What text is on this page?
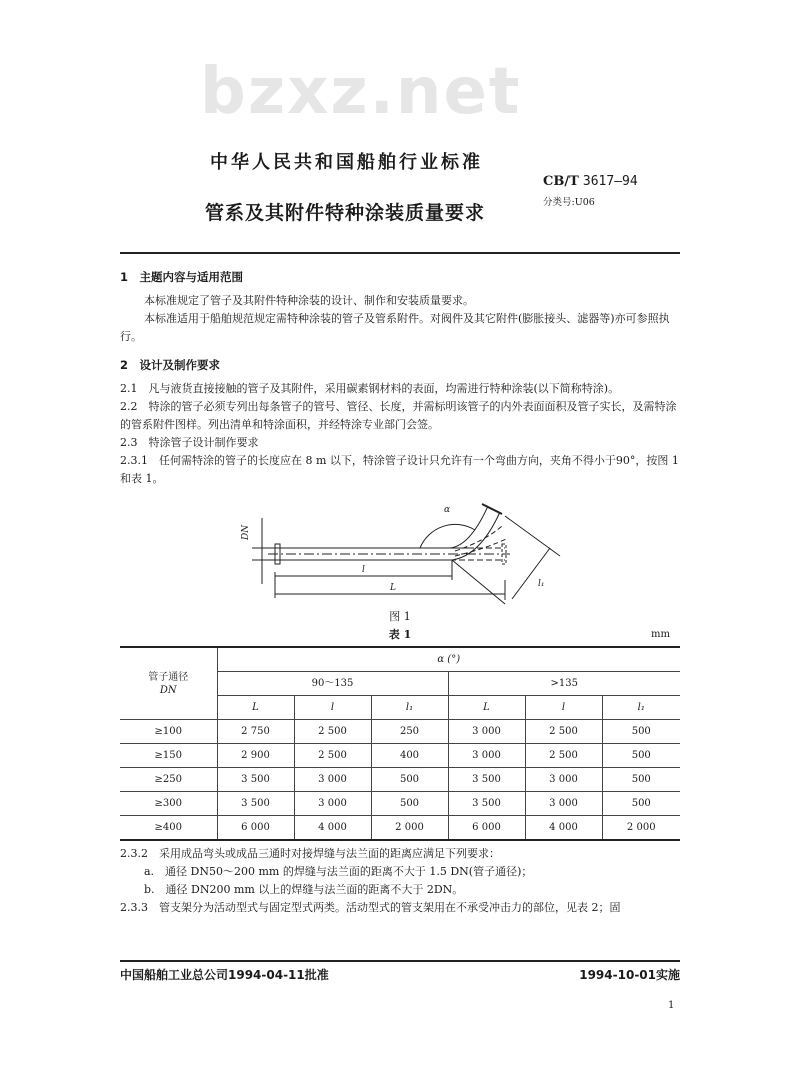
bzxz.net
中华人民共和国船舶行业标准
CB/T 3617—94
分类号:U06
管系及其附件特种涂装质量要求
1　主题内容与适用范围

本标准规定了管子及其附件特种涂装的设计、制作和安装质量要求。

本标准适用于船舶规范规定需特种涂装的管子及管系附件。对阀件及其它附件(膨胀接头、滤器等)亦可参照执行。

2　设计及制作要求

2.1　凡与液货直接接触的管子及其附件，采用碳素钢材料的表面，均需进行特种涂装(以下简称特涂)。

2.2　特涂的管子必须专列出每条管子的管号、管径、长度，并需标明该管子的内外表面面积及管子实长，及需特涂的管系附件图样。列出清单和特涂面积，并经特涂专业部门会签。

2.3　特涂管子设计制作要求

2.3.1　任何需特涂的管子的长度应在 8 m 以下，特涂管子设计只允许有一个弯曲方向，夹角不得小于90°，按图 1 和表 1。

DN
α
l
L	l₁
图 1
表 1	mm
管子通径
DN	α (°)					
	90～135			>135		
	L	l	l₁	L	l	l₁
≥100	2 750	2 500	250	3 000	2 500	500
≥150	2 900	2 500	400	3 000	2 500	500
≥250	3 500	3 000	500	3 500	3 000	500
≥300	3 500	3 000	500	3 500	3 000	500
≥400	6 000	4 000	2 000	6 000	4 000	2 000

2.3.2　采用成品弯头或成品三通时对接焊缝与法兰面的距离应满足下列要求：

a.　通径 DN50～200 mm 的焊缝与法兰面的距离不大于 1.5 DN(管子通径)；

b.　通径 DN200 mm 以上的焊缝与法兰面的距离不大于 2DN。

2.3.3　管支架分为活动型式与固定型式两类。活动型式的管支架用在不承受冲击力的部位，见表 2；固

中国船舶工业总公司1994-04-11批准	1994-10-01实施
1
